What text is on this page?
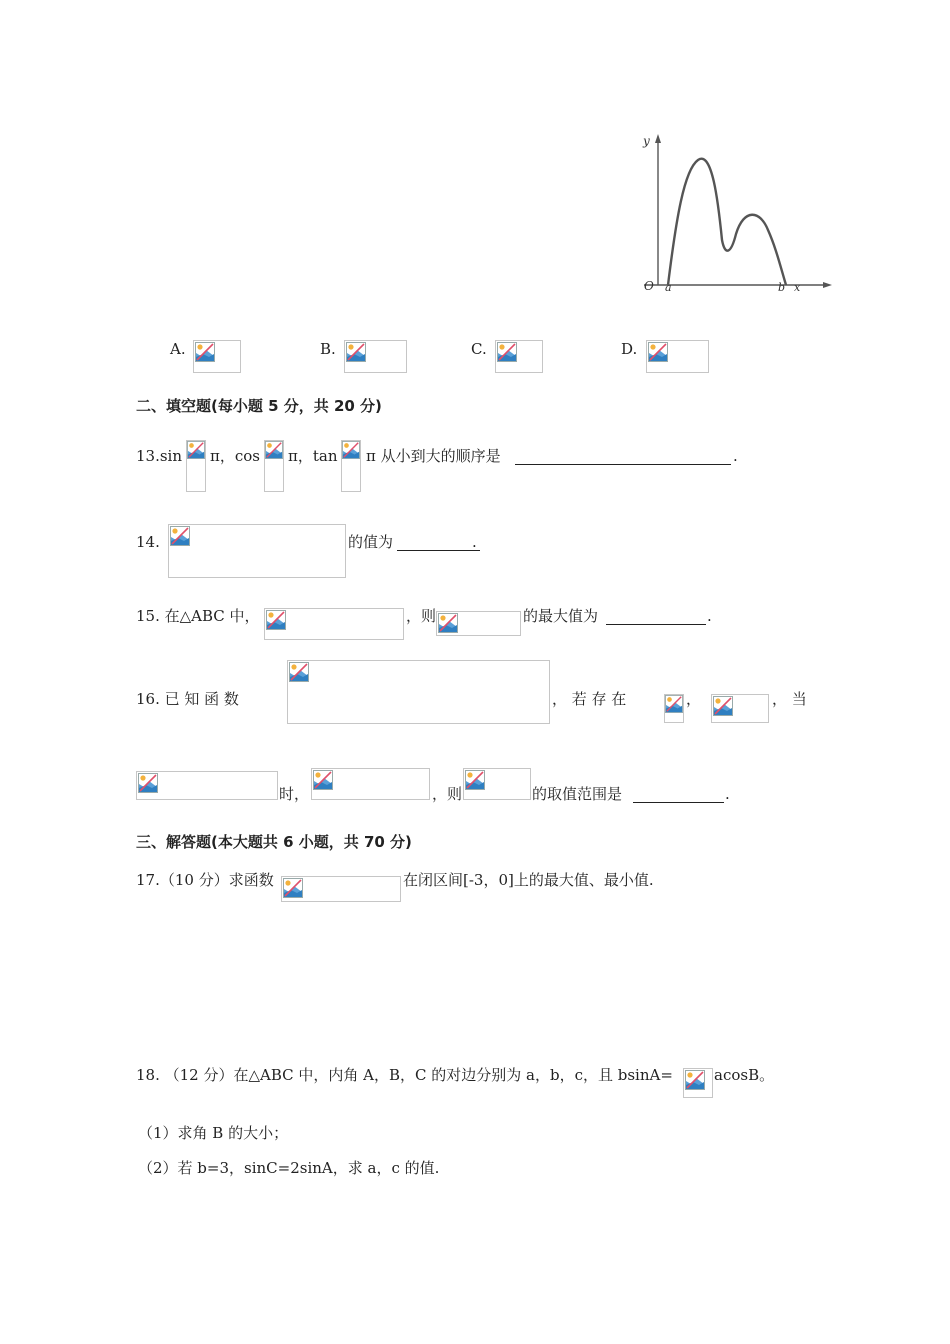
y
O a	b x
A.	B.	C.	D.
二、填空题(每小题 5 分，共 20 分)
13.sin π，cos π，tan π 从小到大的顺序是	.
14.	的值为	.
15. 在△ABC 中，	，则	的最大值为	.
16. 已 知 函 数	， 若 存 在	，	， 当
时，	，则	的取值范围是	.
三、解答题(本大题共 6 小题，共 70 分)
17.（10 分）求函数	在闭区间[-3，0]上的最大值、最小值.
18. （12 分）在△ABC 中，内角 A，B，C 的对边分别为 a，b，c，且 bsinA=	acosB。
（1）求角 B 的大小；
（2）若 b=3，sinC=2sinA，求 a，c 的值.
